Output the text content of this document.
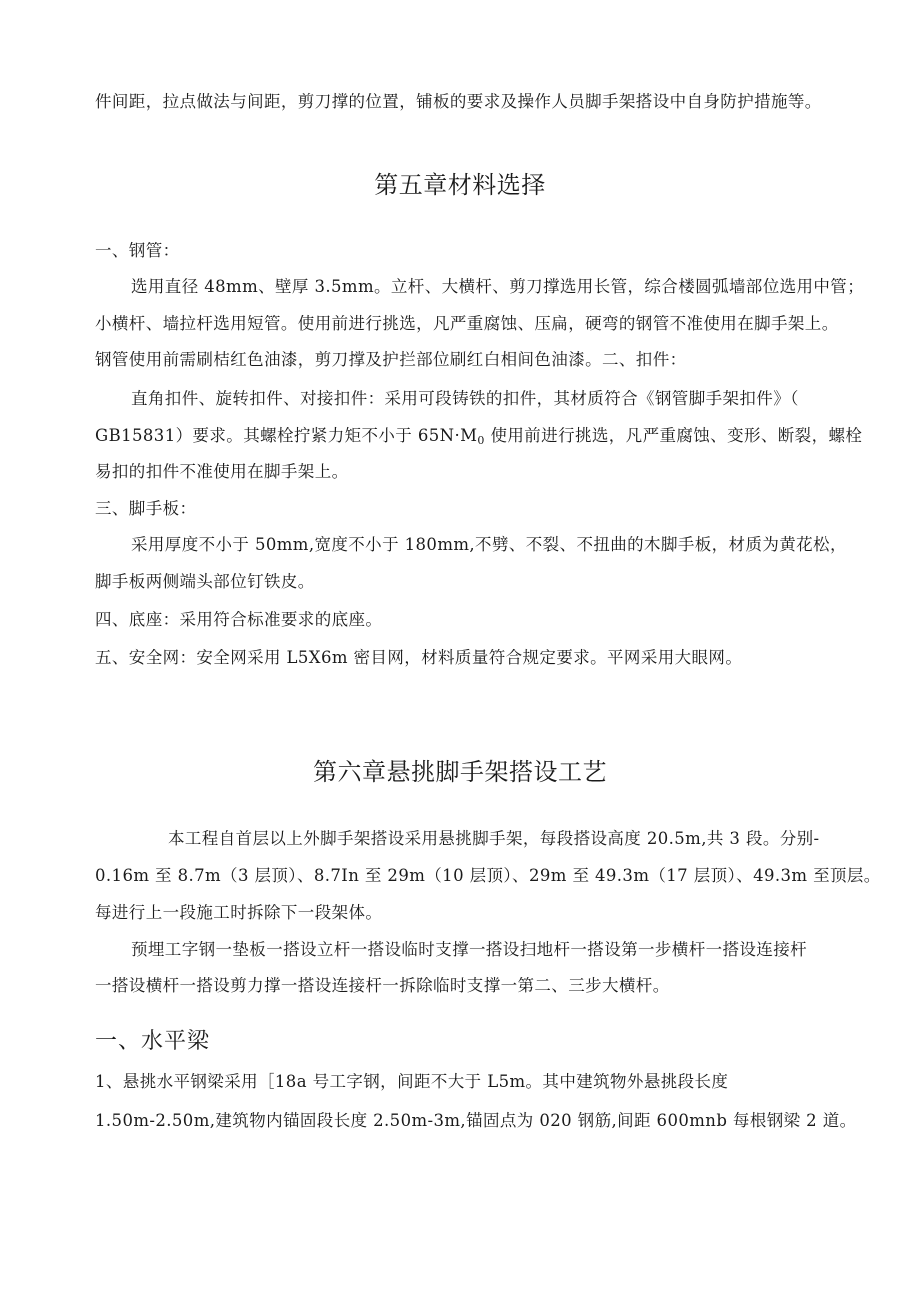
件间距，拉点做法与间距，剪刀撑的位置，铺板的要求及操作人员脚手架搭设中自身防护措施等。
第五章材料选择
一、钢管：
选用直径 48mm、壁厚 3.5mm。立杆、大横杆、剪刀撑选用长管，综合楼圆弧墙部位选用中管；
小横杆、墙拉杆选用短管。使用前进行挑选，凡严重腐蚀、压扁，硬弯的钢管不准使用在脚手架上。
钢管使用前需刷桔红色油漆，剪刀撑及护拦部位刷红白相间色油漆。二、扣件：
直角扣件、旋转扣件、对接扣件：采用可段铸铁的扣件，其材质符合《钢管脚手架扣件》（
GB15831）要求。其螺栓拧紧力矩不小于 $65N\cdot M_0$ 使用前进行挑选，凡严重腐蚀、变形、断裂，螺栓
易扣的扣件不准使用在脚手架上。
三、脚手板：
采用厚度不小于 50mm,宽度不小于 180mm,不劈、不裂、不扭曲的木脚手板，材质为黄花松，
脚手板两侧端头部位钉铁皮。
四、底座：采用符合标准要求的底座。
五、安全网：安全网采用 L5X6m 密目网，材料质量符合规定要求。平网采用大眼网。
第六章悬挑脚手架搭设工艺
本工程自首层以上外脚手架搭设采用悬挑脚手架，每段搭设高度 20.5m,共 3 段。分别-
0.16m 至 8.7m（3 层顶）、8.7In 至 29m（10 层顶）、29m 至 49.3m（17 层顶）、49.3m 至顶层。
每进行上一段施工时拆除下一段架体。
预埋工字钢一垫板一搭设立杆一搭设临时支撑一搭设扫地杆一搭设第一步横杆一搭设连接杆
一搭设横杆一搭设剪力撑一搭设连接杆一拆除临时支撑一第二、三步大横杆。
一、水平梁
1、悬挑水平钢梁采用［18a 号工字钢，间距不大于 L5m。其中建筑物外悬挑段长度
1.50m-2.50m,建筑物内锚固段长度 2.50m-3m,锚固点为 020 钢筋,间距 600mnb 每根钢梁 2 道。
